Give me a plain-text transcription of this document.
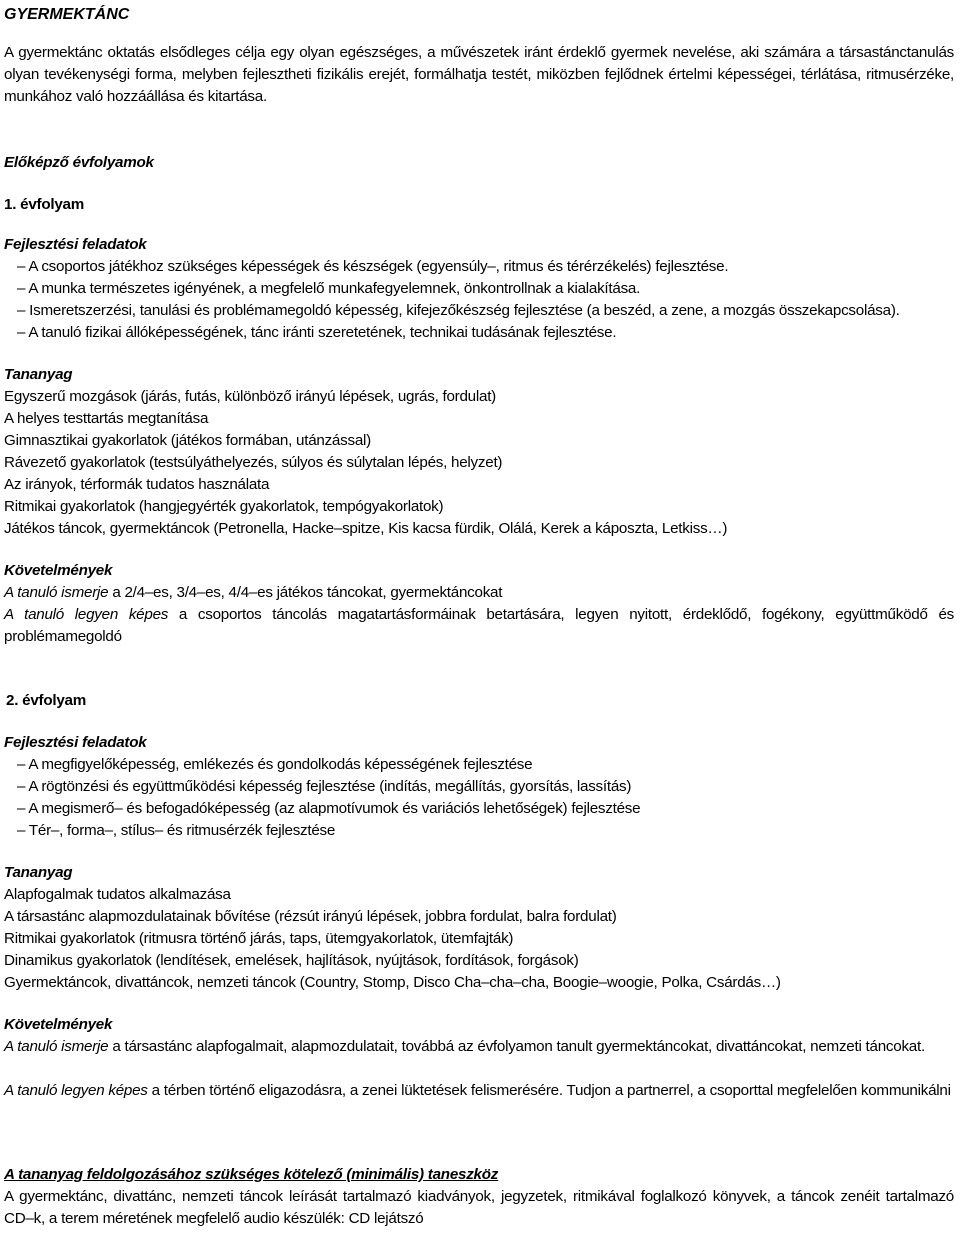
GYERMEKTÁNC

A gyermektánc oktatás elsődleges célja egy olyan egészséges, a művészetek iránt érdeklő gyermek nevelése, aki számára a társastánctanulás olyan tevékenységi forma, melyben fejlesztheti fizikális erejét, formálhatja testét, miközben fejlődnek értelmi képességei, térlátása, ritmusérzéke, munkához való hozzáállása és kitartása.

Előképző évfolyamok
1. évfolyam
Fejlesztési feladatok
– A csoportos játékhoz szükséges képességek és készségek (egyensúly–, ritmus és térérzékelés) fejlesztése.
– A munka természetes igényének, a megfelelő munkafegyelemnek, önkontrollnak a kialakítása.
– Ismeretszerzési, tanulási és problémamegoldó képesség, kifejezőkészség fejlesztése (a beszéd, a zene, a mozgás összekapcsolása).
– A tanuló fizikai állóképességének, tánc iránti szeretetének, technikai tudásának fejlesztése.
Tananyag
Egyszerű mozgások (járás, futás, különböző irányú lépések, ugrás, fordulat)
A helyes testtartás megtanítása
Gimnasztikai gyakorlatok (játékos formában, utánzással)
Rávezető gyakorlatok (testsúlyáthelyezés, súlyos és súlytalan lépés, helyzet)
Az irányok, térformák tudatos használata
Ritmikai gyakorlatok (hangjegyérték gyakorlatok, tempógyakorlatok)
Játékos táncok, gyermektáncok (Petronella, Hacke–spitze, Kis kacsa fürdik, Olálá, Kerek a káposzta, Letkiss…)
Követelmények

A tanuló ismerje a 2/4–es, 3/4–es, 4/4–es játékos táncokat, gyermektáncokat

A tanuló legyen képes a csoportos táncolás magatartásformáinak betartására, legyen nyitott, érdeklődő, fogékony, együttműködő és problémamegoldó

2. évfolyam
Fejlesztési feladatok
– A megfigyelőképesség, emlékezés és gondolkodás képességének fejlesztése
– A rögtönzési és együttműködési képesség fejlesztése (indítás, megállítás, gyorsítás, lassítás)
– A megismerő– és befogadóképesség (az alapmotívumok és variációs lehetőségek) fejlesztése
– Tér–, forma–, stílus– és ritmusérzék fejlesztése
Tananyag
Alapfogalmak tudatos alkalmazása
A társastánc alapmozdulatainak bővítése (rézsút irányú lépések, jobbra fordulat, balra fordulat)
Ritmikai gyakorlatok (ritmusra történő járás, taps, ütemgyakorlatok, ütemfajták)
Dinamikus gyakorlatok (lendítések, emelések, hajlítások, nyújtások, fordítások, forgások)
Gyermektáncok, divattáncok, nemzeti táncok (Country, Stomp, Disco Cha–cha–cha, Boogie–woogie, Polka, Csárdás…)
Követelmények

A tanuló ismerje a társastánc alapfogalmait, alapmozdulatait, továbbá az évfolyamon tanult gyermektáncokat, divattáncokat, nemzeti táncokat.

A tanuló legyen képes a térben történő eligazodásra, a zenei lüktetések felismerésére. Tudjon a partnerrel, a csoporttal megfelelően kommunikálni

A tananyag feldolgozásához szükséges kötelező (minimális) taneszköz

A gyermektánc, divattánc, nemzeti táncok leírását tartalmazó kiadványok, jegyzetek, ritmikával foglalkozó könyvek, a táncok zenéit tartalmazó CD–k, a terem méretének megfelelő audio készülék: CD lejátszó
